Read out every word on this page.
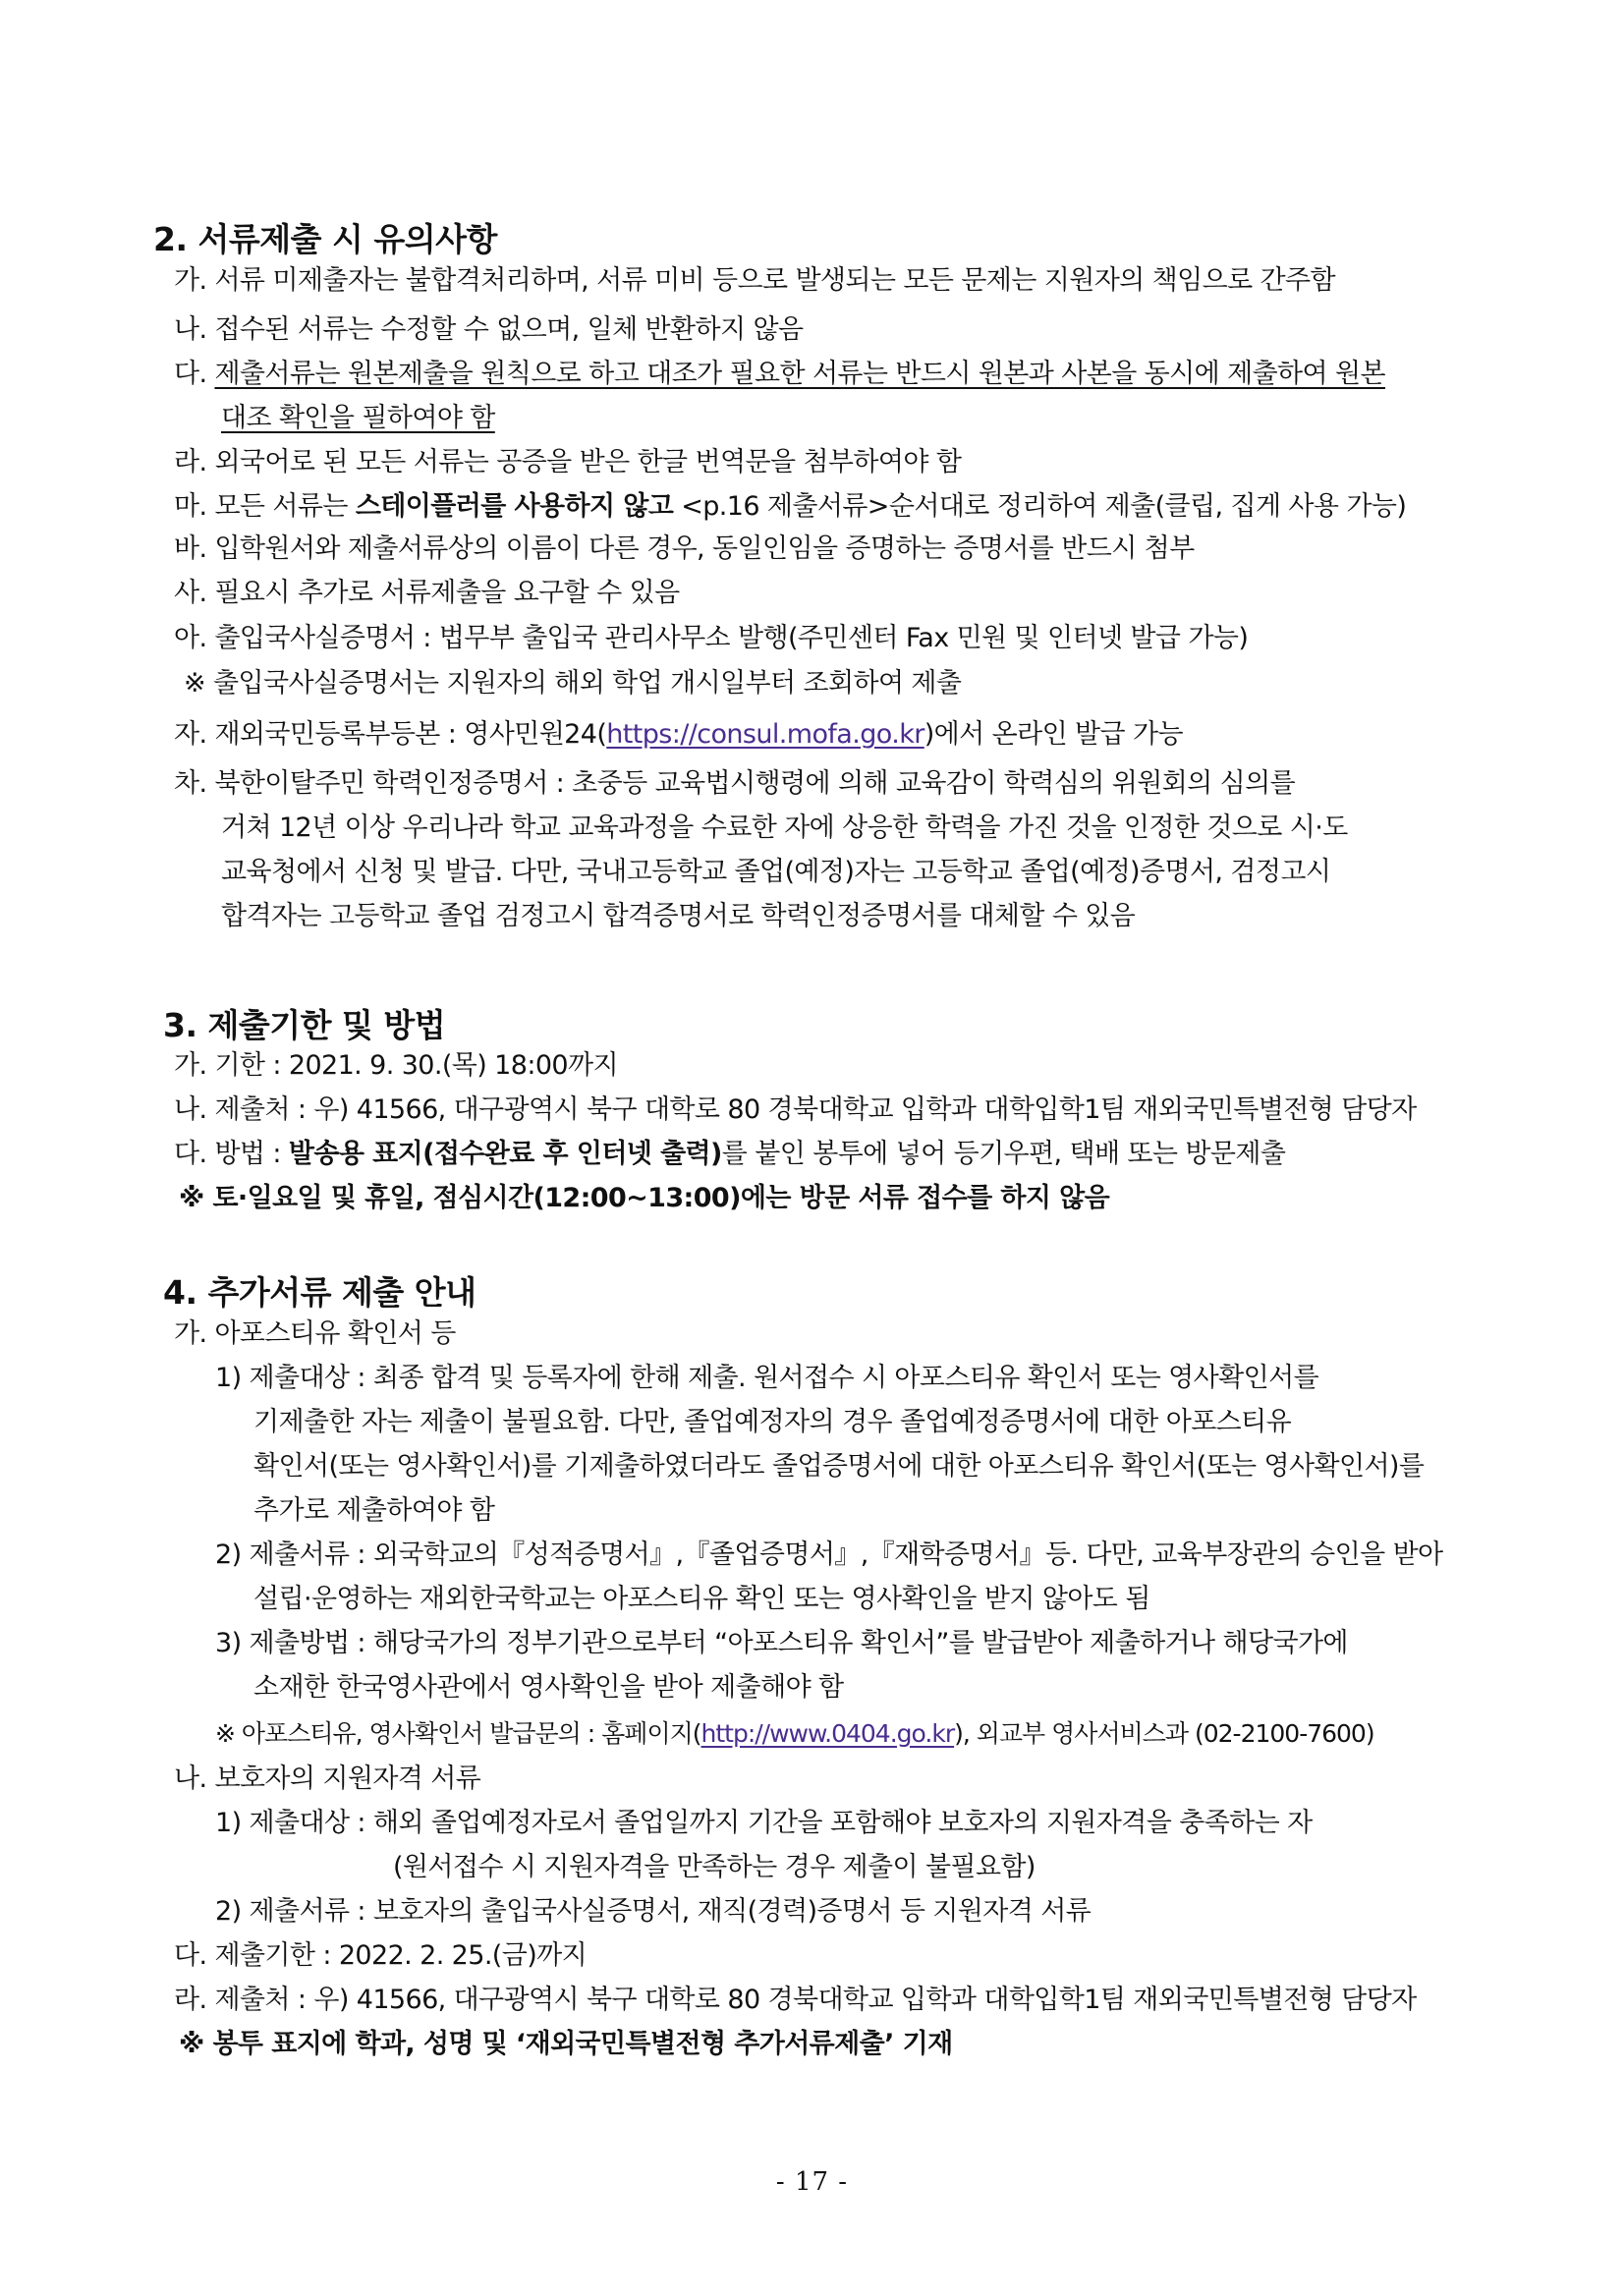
2. 서류제출 시 유의사항
가. 서류 미제출자는 불합격처리하며, 서류 미비 등으로 발생되는 모든 문제는 지원자의 책임으로 간주함
나. 접수된 서류는 수정할 수 없으며, 일체 반환하지 않음
다. 제출서류는 원본제출을 원칙으로 하고 대조가 필요한 서류는 반드시 원본과 사본을 동시에 제출하여 원본
대조 확인을 필하여야 함
라. 외국어로 된 모든 서류는 공증을 받은 한글 번역문을 첨부하여야 함
마. 모든 서류는 스테이플러를 사용하지 않고 <p.16 제출서류>순서대로 정리하여 제출(클립, 집게 사용 가능)
바. 입학원서와 제출서류상의 이름이 다른 경우, 동일인임을 증명하는 증명서를 반드시 첨부
사. 필요시 추가로 서류제출을 요구할 수 있음
아. 출입국사실증명서 : 법무부 출입국 관리사무소 발행(주민센터 Fax 민원 및 인터넷 발급 가능)
※ 출입국사실증명서는 지원자의 해외 학업 개시일부터 조회하여 제출
자. 재외국민등록부등본 : 영사민원24(https://consul.mofa.go.kr)에서 온라인 발급 가능
차. 북한이탈주민 학력인정증명서 : 초중등 교육법시행령에 의해 교육감이 학력심의 위원회의 심의를
거쳐 12년 이상 우리나라 학교 교육과정을 수료한 자에 상응한 학력을 가진 것을 인정한 것으로 시·도
교육청에서 신청 및 발급. 다만, 국내고등학교 졸업(예정)자는 고등학교 졸업(예정)증명서, 검정고시
합격자는 고등학교 졸업 검정고시 합격증명서로 학력인정증명서를 대체할 수 있음
3. 제출기한 및 방법
가. 기한 : 2021. 9. 30.(목) 18:00까지
나. 제출처 : 우) 41566, 대구광역시 북구 대학로 80 경북대학교 입학과 대학입학1팀 재외국민특별전형 담당자
다. 방법 : 발송용 표지(접수완료 후 인터넷 출력)를 붙인 봉투에 넣어 등기우편, 택배 또는 방문제출
※ 토·일요일 및 휴일, 점심시간(12:00~13:00)에는 방문 서류 접수를 하지 않음
4. 추가서류 제출 안내
가. 아포스티유 확인서 등
1) 제출대상 : 최종 합격 및 등록자에 한해 제출. 원서접수 시 아포스티유 확인서 또는 영사확인서를
기제출한 자는 제출이 불필요함. 다만, 졸업예정자의 경우 졸업예정증명서에 대한 아포스티유
확인서(또는 영사확인서)를 기제출하였더라도 졸업증명서에 대한 아포스티유 확인서(또는 영사확인서)를
추가로 제출하여야 함
2) 제출서류 : 외국학교의『성적증명서』,『졸업증명서』,『재학증명서』등. 다만, 교육부장관의 승인을 받아
설립·운영하는 재외한국학교는 아포스티유 확인 또는 영사확인을 받지 않아도 됨
3) 제출방법 : 해당국가의 정부기관으로부터 “아포스티유 확인서”를 발급받아 제출하거나 해당국가에
소재한 한국영사관에서 영사확인을 받아 제출해야 함
※ 아포스티유, 영사확인서 발급문의 : 홈페이지(http://www.0404.go.kr), 외교부 영사서비스과 (02-2100-7600)
나. 보호자의 지원자격 서류
1) 제출대상 : 해외 졸업예정자로서 졸업일까지 기간을 포함해야 보호자의 지원자격을 충족하는 자
(원서접수 시 지원자격을 만족하는 경우 제출이 불필요함)
2) 제출서류 : 보호자의 출입국사실증명서, 재직(경력)증명서 등 지원자격 서류
다. 제출기한 : 2022. 2. 25.(금)까지
라. 제출처 : 우) 41566, 대구광역시 북구 대학로 80 경북대학교 입학과 대학입학1팀 재외국민특별전형 담당자
※ 봉투 표지에 학과, 성명 및 ‘재외국민특별전형 추가서류제출’ 기재
- 17 -
